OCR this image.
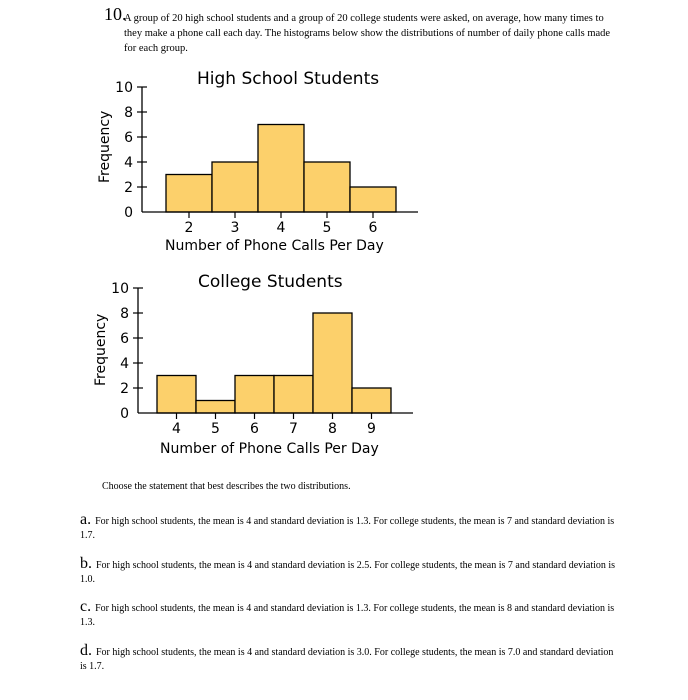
10.
A group of 20 high school students and a group of 20 college students were asked, on average, how many times to they make a phone call each day. The histograms below show the distributions of number of daily phone calls made for each group.
High School Students
Frequency
0
2
4
6
8
10
2	3	4	5	6
Number of Phone Calls Per Day
College Students
Frequency
0
2
4
6
8
10
4 5 6 7 8 9
Number of Phone Calls Per Day
Choose the statement that best describes the two distributions.
a. For high school students, the mean is 4 and standard deviation is 1.3. For college students, the mean is 7 and standard deviation is 1.7.
b. For high school students, the mean is 4 and standard deviation is 2.5. For college students, the mean is 7 and standard deviation is 1.0.
c. For high school students, the mean is 4 and standard deviation is 1.3. For college students, the mean is 8 and standard deviation is 1.3.
d. For high school students, the mean is 4 and standard deviation is 3.0. For college students, the mean is 7.0 and standard deviation is 1.7.
